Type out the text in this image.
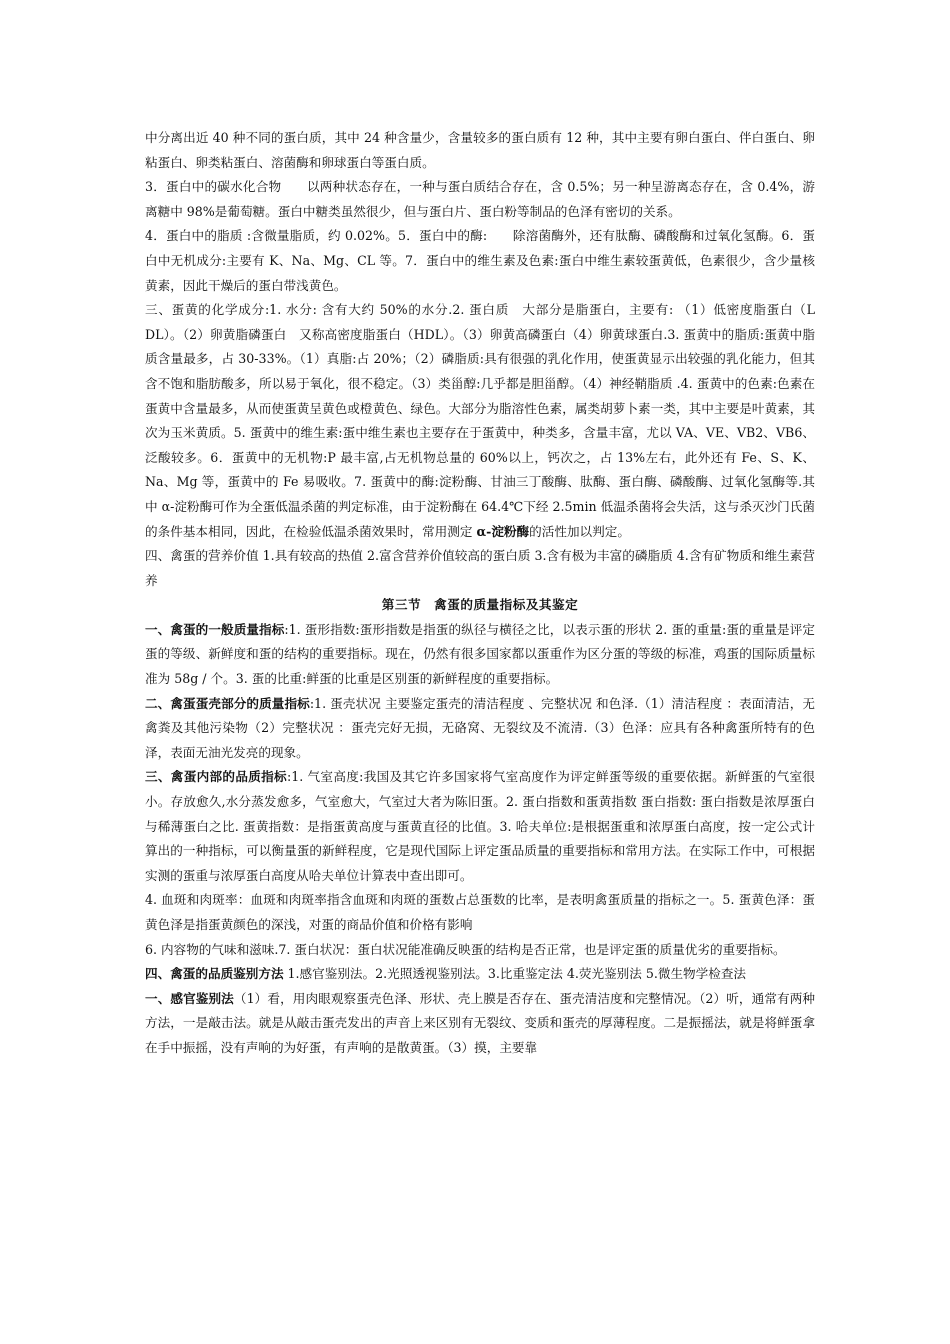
中分离出近 40 种不同的蛋白质，其中 24 种含量少，含量较多的蛋白质有 12 种，其中主要有卵白蛋白、伴白蛋白、卵粘蛋白、卵类粘蛋白、溶菌酶和卵球蛋白等蛋白质。

3．蛋白中的碳水化合物　　以两种状态存在，一种与蛋白质结合存在，含 0.5%；另一种呈游离态存在，含 0.4%，游离糖中 98%是葡萄糖。蛋白中糖类虽然很少，但与蛋白片、蛋白粉等制品的色泽有密切的关系。

4．蛋白中的脂质 :含微量脂质，约 0.02%。5．蛋白中的酶:　　除溶菌酶外，还有肽酶、磷酸酶和过氧化氢酶。6．蛋白中无机成分:主要有 K、Na、Mg、CL 等。7．蛋白中的维生素及色素:蛋白中维生素较蛋黄低，色素很少，含少量核黄素，因此干燥后的蛋白带浅黄色。

三、蛋黄的化学成分:1. 水分: 含有大约 50%的水分.2. 蛋白质　大部分是脂蛋白，主要有: （1）低密度脂蛋白（L DL）。（2）卵黄脂磷蛋白　又称高密度脂蛋白（HDL）。（3）卵黄高磷蛋白（4）卵黄球蛋白.3. 蛋黄中的脂质:蛋黄中脂质含量最多，占 30-33%。（1）真脂:占 20%；（2）磷脂质:具有很强的乳化作用，使蛋黄显示出较强的乳化能力，但其含不饱和脂肪酸多，所以易于氧化，很不稳定。（3）类甾醇:几乎都是胆甾醇。（4）神经鞘脂质 .4. 蛋黄中的色素:色素在 蛋黄中含量最多，从而使蛋黄呈黄色或橙黄色、绿色。大部分为脂溶性色素，属类胡萝卜素一类，其中主要是叶黄素，其次为玉米黄质。5. 蛋黄中的维生素:蛋中维生素也主要存在于蛋黄中，种类多，含量丰富，尤以 VA、VE、VB2、VB6、泛酸较多。6．蛋黄中的无机物:P 最丰富,占无机物总量的 60%以上，钙次之，占 13%左右，此外还有 Fe、S、K、Na、Mg 等，蛋黄中的 Fe 易吸收。7. 蛋黄中的酶:淀粉酶、甘油三丁酸酶、肽酶、蛋白酶、磷酸酶、过氧化氢酶等.其中 α-淀粉酶可作为全蛋低温杀菌的判定标准，由于淀粉酶在 64.4℃下经 2.5min 低温杀菌将会失活，这与杀灭沙门氏菌的条件基本相同，因此，在检验低温杀菌效果时，常用测定 α-淀粉酶的活性加以判定。

四、禽蛋的营养价值 1.具有较高的热值 2.富含营养价值较高的蛋白质 3.含有极为丰富的磷脂质 4.含有矿物质和维生素营养

第三节　禽蛋的质量指标及其鉴定

一、禽蛋的一般质量指标:1. 蛋形指数:蛋形指数是指蛋的纵径与横径之比，以表示蛋的形状 2. 蛋的重量:蛋的重量是评定蛋的等级、新鲜度和蛋的结构的重要指标。现在，仍然有很多国家都以蛋重作为区分蛋的等级的标准，鸡蛋的国际质量标准为 58g / 个。3. 蛋的比重:鲜蛋的比重是区别蛋的新鲜程度的重要指标。

二、禽蛋蛋壳部分的质量指标:1. 蛋壳状况 主要鉴定蛋壳的清洁程度 、完整状况 和色泽.（1）清洁程度 ：表面清洁，无禽粪及其他污染物（2）完整状况 ：蛋壳完好无损，无硌窝、无裂纹及不流清.（3）色泽：应具有各种禽蛋所特有的色泽，表面无油光发亮的现象。

三、禽蛋内部的品质指标:1. 气室高度:我国及其它许多国家将气室高度作为评定鲜蛋等级的重要依据。新鲜蛋的气室很小。存放愈久,水分蒸发愈多，气室愈大，气室过大者为陈旧蛋。2. 蛋白指数和蛋黄指数 蛋白指数: 蛋白指数是浓厚蛋白与稀薄蛋白之比. 蛋黄指数：是指蛋黄高度与蛋黄直径的比值。3. 哈夫单位:是根据蛋重和浓厚蛋白高度，按一定公式计算出的一种指标，可以衡量蛋的新鲜程度，它是现代国际上评定蛋品质量的重要指标和常用方法。在实际工作中，可根据实测的蛋重与浓厚蛋白高度从哈夫单位计算表中查出即可。

4. 血斑和肉斑率：血斑和肉斑率指含血斑和肉斑的蛋数占总蛋数的比率，是表明禽蛋质量的指标之一。5. 蛋黄色泽：蛋黄色泽是指蛋黄颜色的深浅，对蛋的商品价值和价格有影响

6. 内容物的气味和滋味.7. 蛋白状况：蛋白状况能准确反映蛋的结构是否正常，也是评定蛋的质量优劣的重要指标。

四、禽蛋的品质鉴别方法 1.感官鉴别法。2.光照透视鉴别法。3.比重鉴定法 4.荧光鉴别法 5.微生物学检查法

一、感官鉴别法（1）看，用肉眼观察蛋壳色泽、形状、壳上膜是否存在、蛋壳清洁度和完整情况。（2）听，通常有两种方法，一是敲击法。就是从敲击蛋壳发出的声音上来区别有无裂纹、变质和蛋壳的厚薄程度。二是振摇法，就是将鲜蛋拿在手中振摇，没有声响的为好蛋，有声响的是散黄蛋。（3）摸，主要靠
